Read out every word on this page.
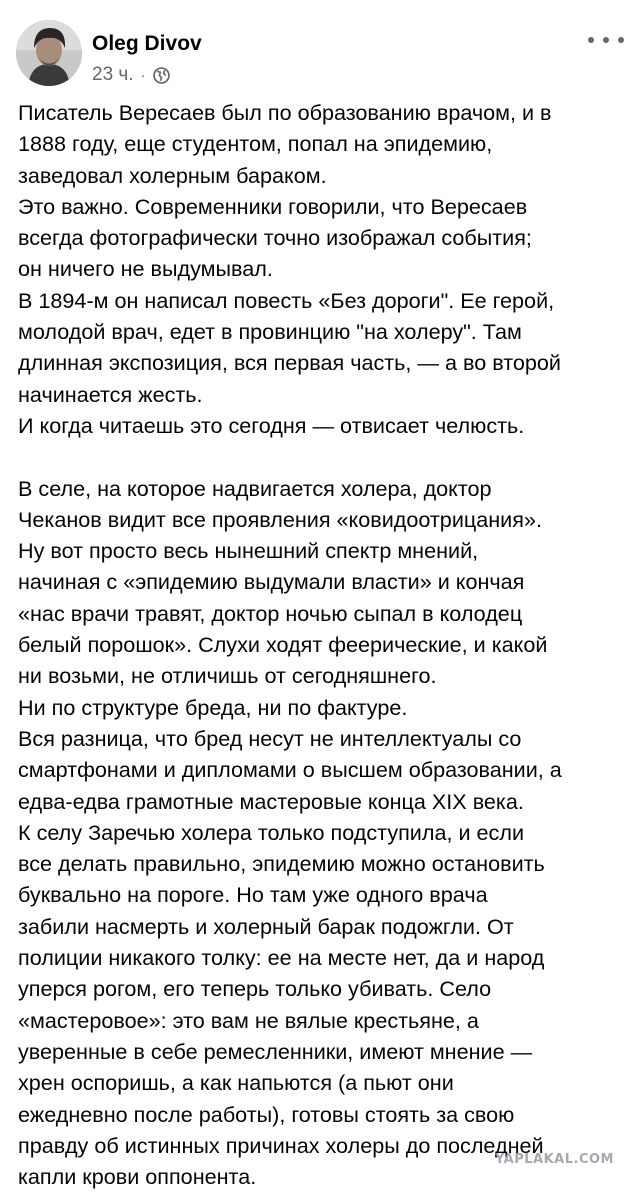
Oleg Divov
23 ч. ·
Писатель Вересаев был по образованию врачом, и в
1888 году, еще студентом, попал на эпидемию,
заведовал холерным бараком.
Это важно. Современники говорили, что Вересаев
всегда фотографически точно изображал события;
он ничего не выдумывал.
В 1894-м он написал повесть «Без дороги". Ее герой,
молодой врач, едет в провинцию "на холеру". Там
длинная экспозиция, вся первая часть, — а во второй
начинается жесть.
И когда читаешь это сегодня — отвисает челюсть.
В селе, на которое надвигается холера, доктор
Чеканов видит все проявления «ковидоотрицания».
Ну вот просто весь нынешний спектр мнений,
начиная с «эпидемию выдумали власти» и кончая
«нас врачи травят, доктор ночью сыпал в колодец
белый порошок». Слухи ходят феерические, и какой
ни возьми, не отличишь от сегодняшнего.
Ни по структуре бреда, ни по фактуре.
Вся разница, что бред несут не интеллектуалы со
смартфонами и дипломами о высшем образовании, а
едва-едва грамотные мастеровые конца XIX века.
К селу Заречью холера только подступила, и если
все делать правильно, эпидемию можно остановить
буквально на пороге. Но там уже одного врача
забили насмерть и холерный барак подожгли. От
полиции никакого толку: ее на месте нет, да и народ
уперся рогом, его теперь только убивать. Село
«мастеровое»: это вам не вялые крестьяне, а
уверенные в себе ремесленники, имеют мнение —
хрен оспоришь, а как напьются (а пьют они
ежедневно после работы), готовы стоять за свою
правду об истинных причинах холеры до последней
капли крови оппонента.
YAPLAKAL.COM
